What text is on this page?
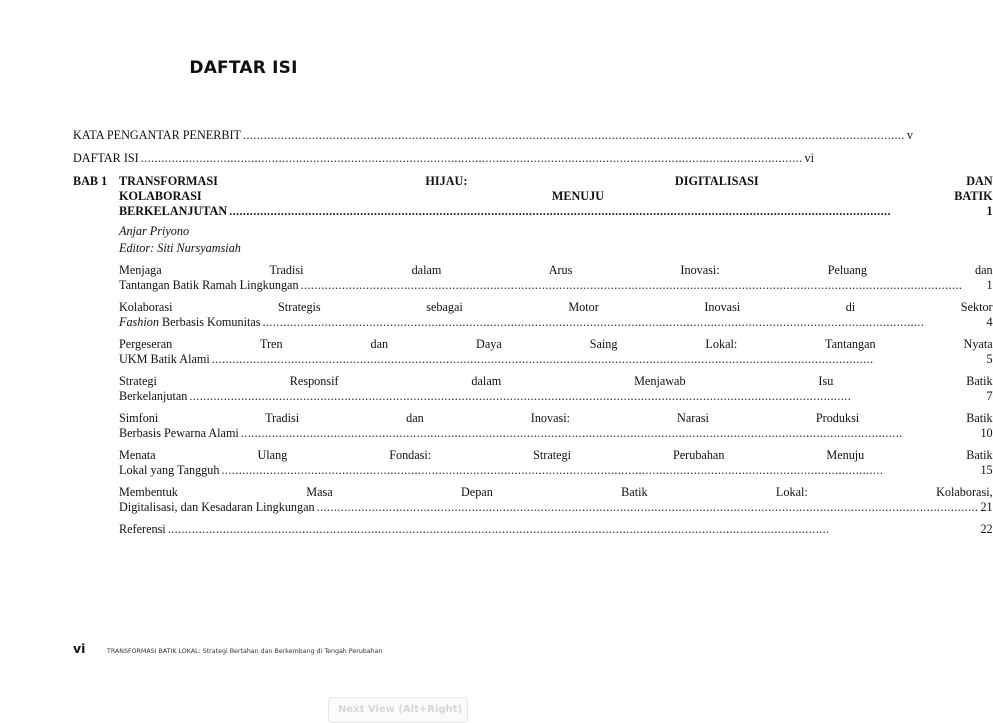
DAFTAR ISI
KATA PENGANTAR PENERBIT .....	v
DAFTAR ISI .....	vi
BAB 1 TRANSFORMASI HIJAU: DIGITALISASI DAN
KOLABORASI MENUJU BATIK
BERKELANJUTAN .....	1
Anjar Priyono
Editor: Siti Nursyamsiah
Menjaga Tradisi dalam Arus Inovasi: Peluang dan
Tantangan Batik Ramah Lingkungan .....	1
Kolaborasi Strategis sebagai Motor Inovasi di Sektor
Fashion Berbasis Komunitas .....	4
Pergeseran Tren dan Daya Saing Lokal: Tantangan Nyata
UKM Batik Alami .....	5
Strategi Responsif dalam Menjawab Isu Batik
Berkelanjutan .....	7
Simfoni Tradisi dan Inovasi: Narasi Produksi Batik
Berbasis Pewarna Alami .....	10
Menata Ulang Fondasi: Strategi Perubahan Menuju Batik
Lokal yang Tangguh .....	15
Membentuk Masa Depan Batik Lokal: Kolaborasi,
Digitalisasi, dan Kesadaran Lingkungan .....	21
Referensi .....	22
vi	TRANSFORMASI BATIK LOKAL: Strategi Bertahan dan Berkembang di Tengah Perubahan
Next View (Alt+Right)
